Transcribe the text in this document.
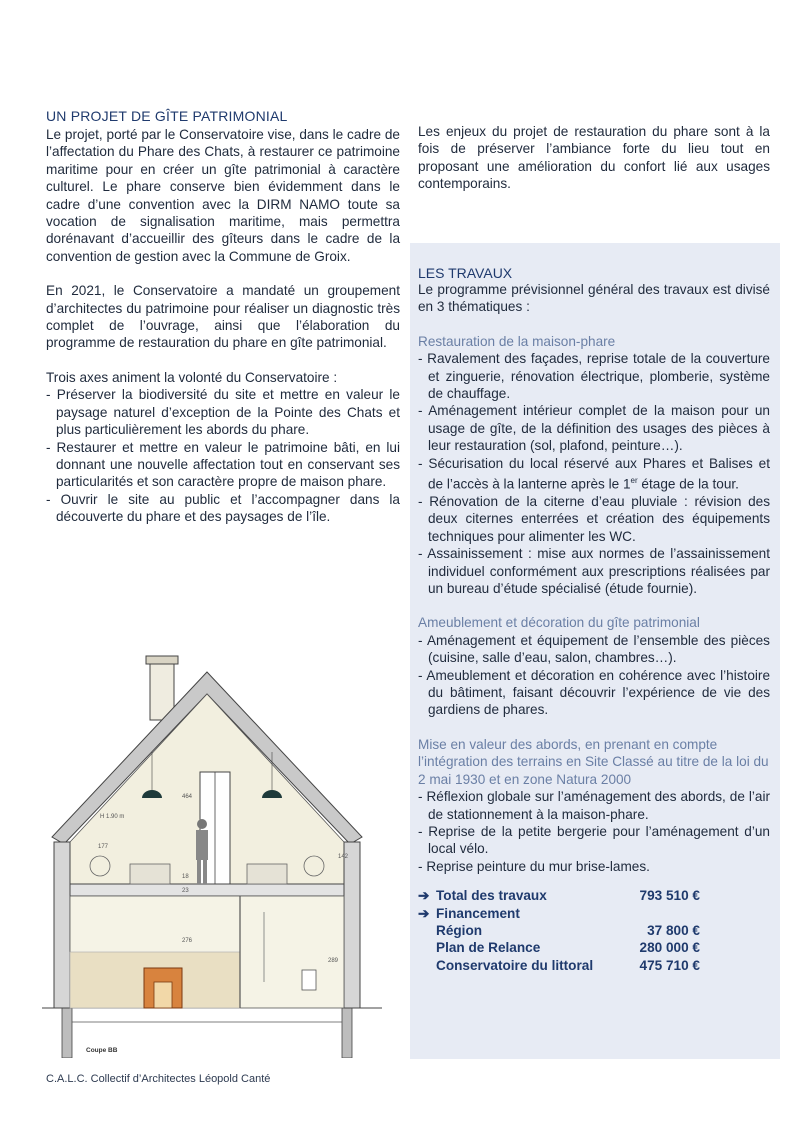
UN PROJET DE GÎTE PATRIMONIAL

Le projet, porté par le Conservatoire vise, dans le cadre de l’affectation du Phare des Chats, à restaurer ce patrimoine maritime pour en créer un gîte patrimonial à caractère culturel. Le phare conserve bien évidemment dans le cadre d’une convention avec la DIRM NAMO toute sa vocation de signalisation maritime, mais permettra dorénavant d’accueillir des gîteurs dans le cadre de la convention de gestion avec la Commune de Groix.

En 2021, le Conservatoire a mandaté un groupement d’architectes du patrimoine pour réaliser un diagnostic très complet de l’ouvrage, ainsi que l’élaboration du programme de restauration du phare en gîte patrimonial.

Trois axes animent la volonté du Conservatoire :

- Préserver la biodiversité du site et mettre en valeur le paysage naturel d’exception de la Pointe des Chats et plus particulièrement les abords du phare.
- Restaurer et mettre en valeur le patrimoine bâti, en lui donnant une nouvelle affectation tout en conservant ses particularités et son caractère propre de maison phare.
- Ouvrir le site au public et l’accompagner dans la découverte du phare et des paysages de l’île.

Les enjeux du projet de restauration du phare sont à la fois de préserver l’ambiance forte du lieu tout en proposant une amélioration du confort lié aux usages contemporains.

LES TRAVAUX

Le programme prévisionnel général des travaux est divisé en 3 thématiques :

Restauration de la maison-phare
- Ravalement des façades, reprise totale de la couverture et zinguerie, rénovation électrique, plomberie, système de chauffage.
- Aménagement intérieur complet de la maison pour un usage de gîte, de la définition des usages des pièces à leur restauration (sol, plafond, peinture…).
- Sécurisation du local réservé aux Phares et Balises et de l’accès à la lanterne après le 1er étage de la tour.
- Rénovation de la citerne d’eau pluviale : révision des deux citernes enterrées et création des équipements techniques pour alimenter les WC.
- Assainissement : mise aux normes de l’assainissement individuel conformément aux prescriptions réalisées par un bureau d’étude spécialisé (étude fournie).
Ameublement et décoration du gîte patrimonial
- Aménagement et équipement de l’ensemble des pièces (cuisine, salle d’eau, salon, chambres…).
- Ameublement et décoration en cohérence avec l’histoire du bâtiment, faisant découvrir l’expérience de vie des gardiens de phares.
Mise en valeur des abords, en prenant en compte l’intégration des terrains en Site Classé au titre de la loi du 2 mai 1930 et en zone Natura 2000
- Réflexion globale sur l’aménagement des abords, de l’air de stationnement à la maison-phare.
- Reprise de la petite bergerie pour l’aménagement d’un local vélo.
- Reprise peinture du mur brise-lames.
➔ Total des travaux	793 510 €
➔ Financement
Région	37 800 €
Plan de Relance	280 000 €
Conservatoire du littoral	475 710 €
H 1.90 m
177
464
142
23
18
276
289
Coupe BB
C.A.L.C. Collectif d’Architectes Léopold Canté
